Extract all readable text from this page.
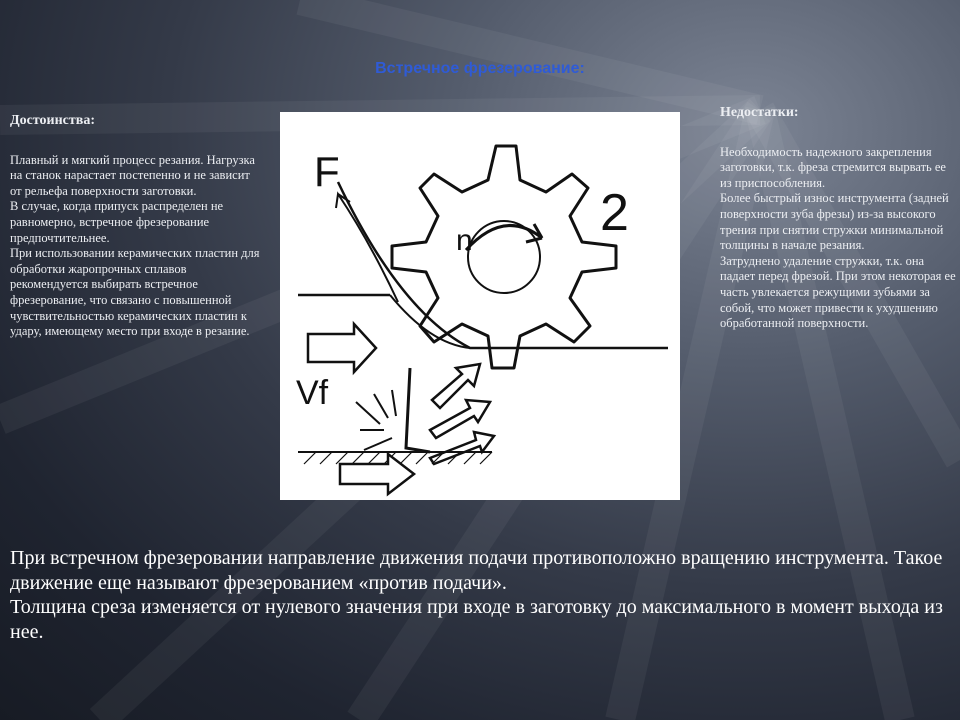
Встречное фрезерование:
Достоинства:

Плавный и мягкий процесс резания. Нагрузка на станок нарастает постепенно и не зависит от рельефа поверхности заготовки.

В случае, когда припуск распределен не равномерно, встречное фрезерование предпочтительнее.

При использовании керамических пластин для обработки жаропрочных сплавов рекомендуется выбирать встречное фрезерование, что связано с повышенной чувствительностью керамических пластин к удару, имеющему место при входе в резание.

F
n
Vf
2
Недостатки:

Необходимость надежного закрепления заготовки, т.к. фреза стремится вырвать ее из приспособления.

Более быстрый износ инструмента (задней поверхности зуба фрезы) из-за высокого трения при снятии стружки минимальной толщины в начале резания.

Затруднено удаление стружки, т.к. она падает перед фрезой. При этом некоторая ее часть увлекается режущими зубьями за собой, что может привести к ухудшению обработанной поверхности.

При встречном фрезеровании направление движения подачи противоположно вращению инструмента. Такое движение еще называют фрезерованием «против подачи».

Толщина среза изменяется от нулевого значения при входе в заготовку до максимального в момент выхода из нее.
